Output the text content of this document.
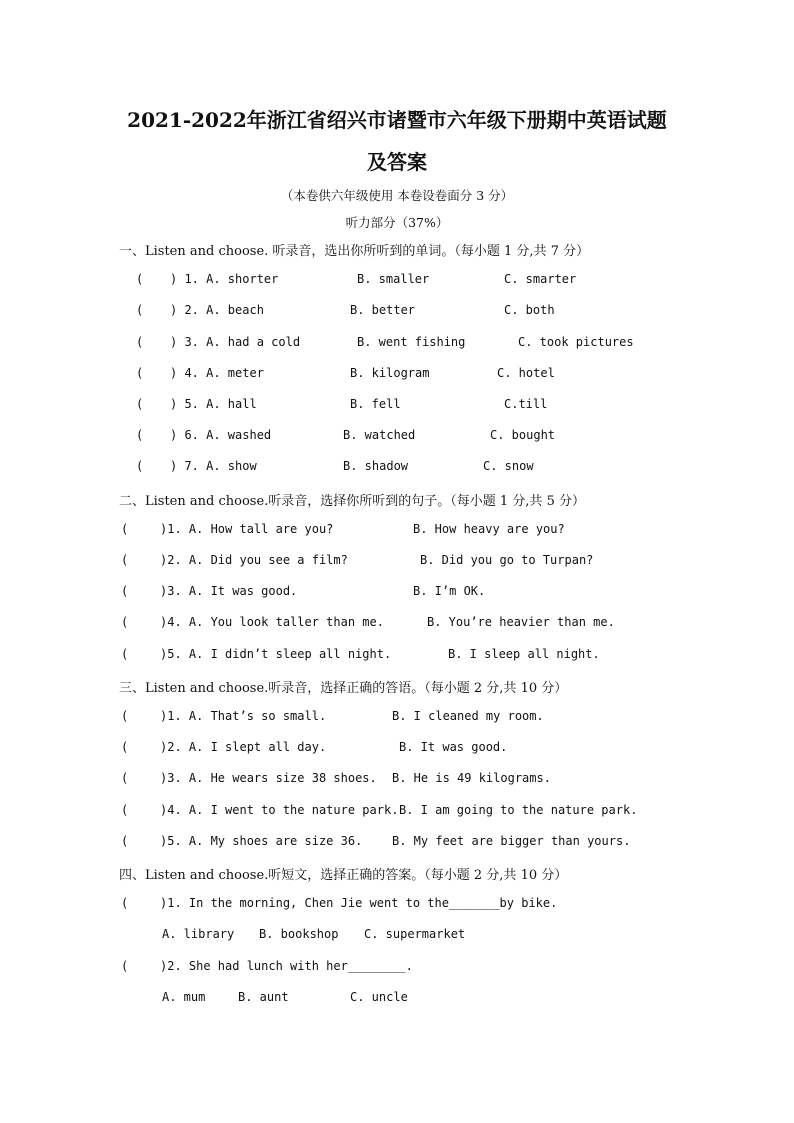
2021-2022年浙江省绍兴市诸暨市六年级下册期中英语试题
及答案
（本卷供六年级使用 本卷设卷面分 3 分）
听力部分（37%）
一、Listen and choose. 听录音，选出你所听到的单词。（每小题 1 分,共 7 分）
( ) 1. A. shorter	B. smaller	C. smarter
( ) 2. A. beach	B. better	C. both
( ) 3. A. had a cold	B. went fishing	C. took pictures
( ) 4. A. meter	B. kilogram	C. hotel
( ) 5. A. hall	B. fell	C.till
( ) 6. A. washed	B. watched	C. bought
( ) 7. A. show	B. shadow	C. snow
二、Listen and choose.听录音，选择你所听到的句子。（每小题 1 分,共 5 分）
(	)1. A. How tall are you?	B. How heavy are you?
(	)2. A. Did you see a film?	B. Did you go to Turpan?
(	)3. A. It was good.	B. I’m OK.
(	)4. A. You look taller than me.	B. You’re heavier than me.
(	)5. A. I didn’t sleep all night.	B. I sleep all night.
三、Listen and choose.听录音，选择正确的答语。（每小题 2 分,共 10 分）
(	)1. A. That’s so small.	B. I cleaned my room.
(	)2. A. I slept all day.	B. It was good.
(	)3. A. He wears size 38 shoes. B. He is 49 kilograms.
(	)4. A. I went to the nature park. B. I am going to the nature park.
(	)5. A. My shoes are size 36. B. My feet are bigger than yours.
四、Listen and choose.听短文，选择正确的答案。（每小题 2 分,共 10 分）
(	)1. In the morning, Chen Jie went to the_______by bike.
A. library B. bookshop C. supermarket
(	)2. She had lunch with her________.
A. mum	B. aunt	C. uncle
